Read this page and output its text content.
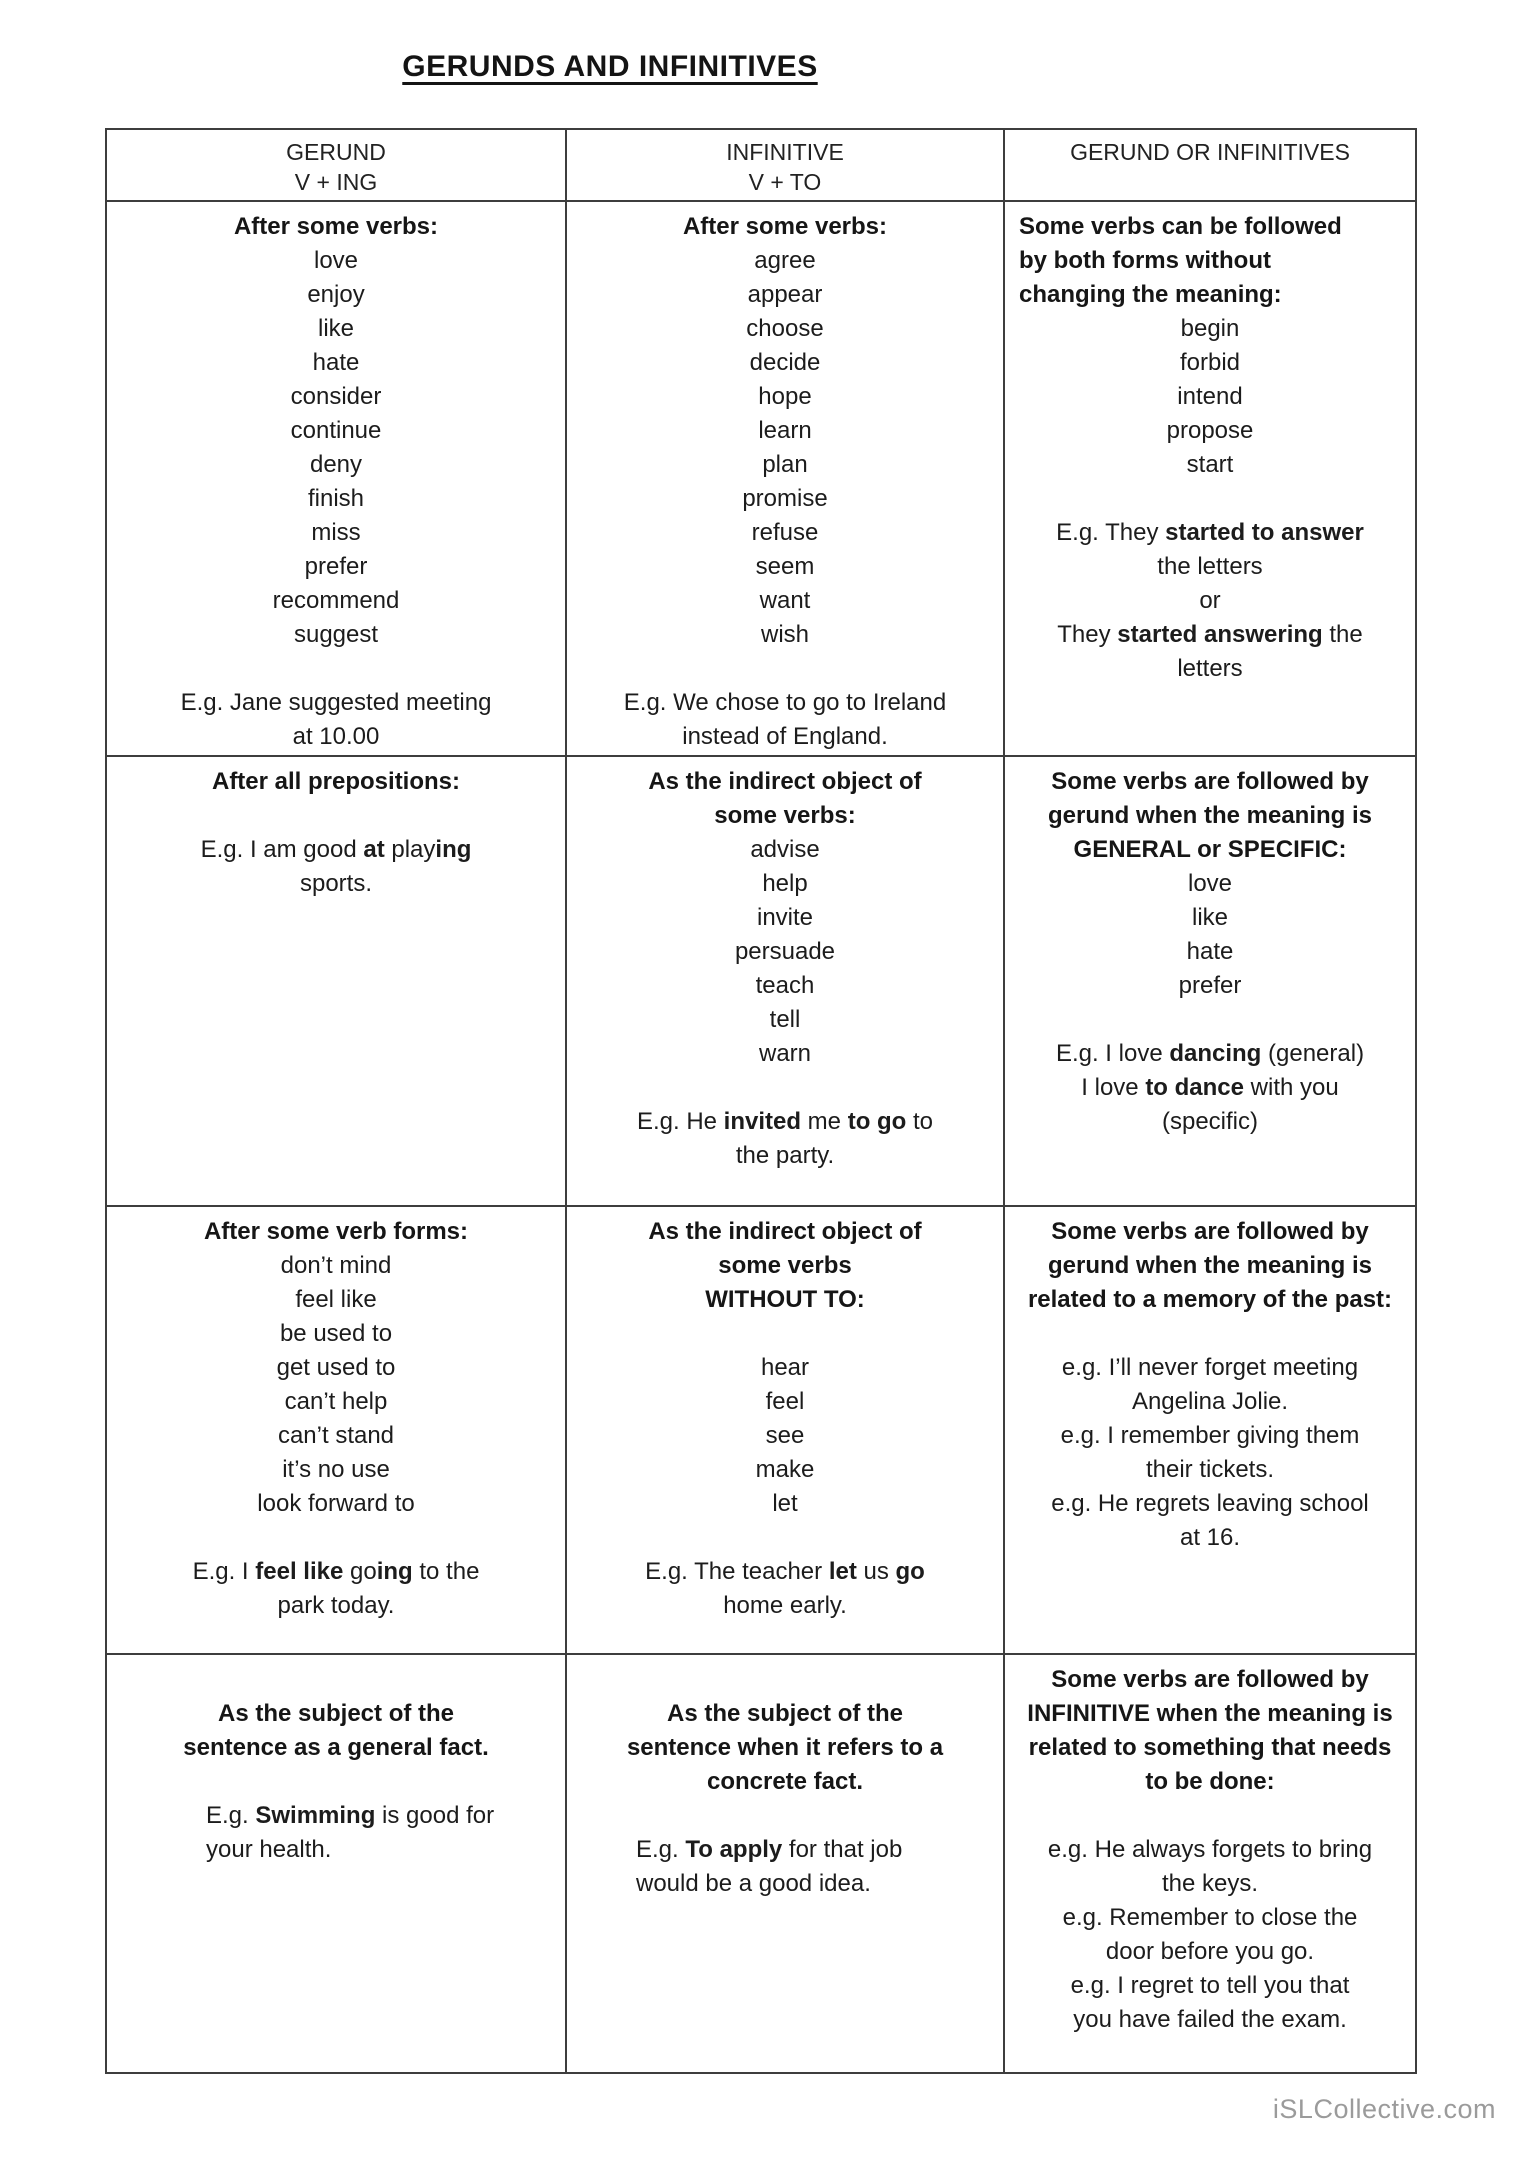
GERUNDS AND INFINITIVES
GERUND
V + ING
INFINITIVE
V + TO
GERUND OR INFINITIVES
After some verbs:
love
enjoy
like
hate
consider
continue
deny
finish
miss
prefer
recommend
suggest
E.g. Jane suggested meeting
at 10.00
After some verbs:
agree
appear
choose
decide
hope
learn
plan
promise
refuse
seem
want
wish
E.g. We chose to go to Ireland
instead of England.
Some verbs can be followed
by both forms without
changing the meaning:
begin
forbid
intend
propose
start
E.g. They started to answer
the letters
or
They started answering the
letters
After all prepositions:
E.g. I am good at playing
sports.
As the indirect object of
some verbs:
advise
help
invite
persuade
teach
tell
warn
E.g. He invited me to go to
the party.
Some verbs are followed by
gerund when the meaning is
GENERAL or SPECIFIC:
love
like
hate
prefer
E.g. I love dancing (general)
I love to dance with you
(specific)
After some verb forms:
don’t mind
feel like
be used to
get used to
can’t help
can’t stand
it’s no use
look forward to
E.g. I feel like going to the
park today.
As the indirect object of
some verbs
WITHOUT TO:
hear
feel
see
make
let
E.g. The teacher let us go
home early.
Some verbs are followed by
gerund when the meaning is
related to a memory of the past:
e.g. I’ll never forget meeting
Angelina Jolie.
e.g. I remember giving them
their tickets.
e.g. He regrets leaving school
at 16.
As the subject of the
sentence as a general fact.
E.g. Swimming is good for
your health.
As the subject of the
sentence when it refers to a
concrete fact.
E.g. To apply for that job
would be a good idea.
Some verbs are followed by
INFINITIVE when the meaning is
related to something that needs
to be done:
e.g. He always forgets to bring
the keys.
e.g. Remember to close the
door before you go.
e.g. I regret to tell you that
you have failed the exam.
iSLCollective.com
